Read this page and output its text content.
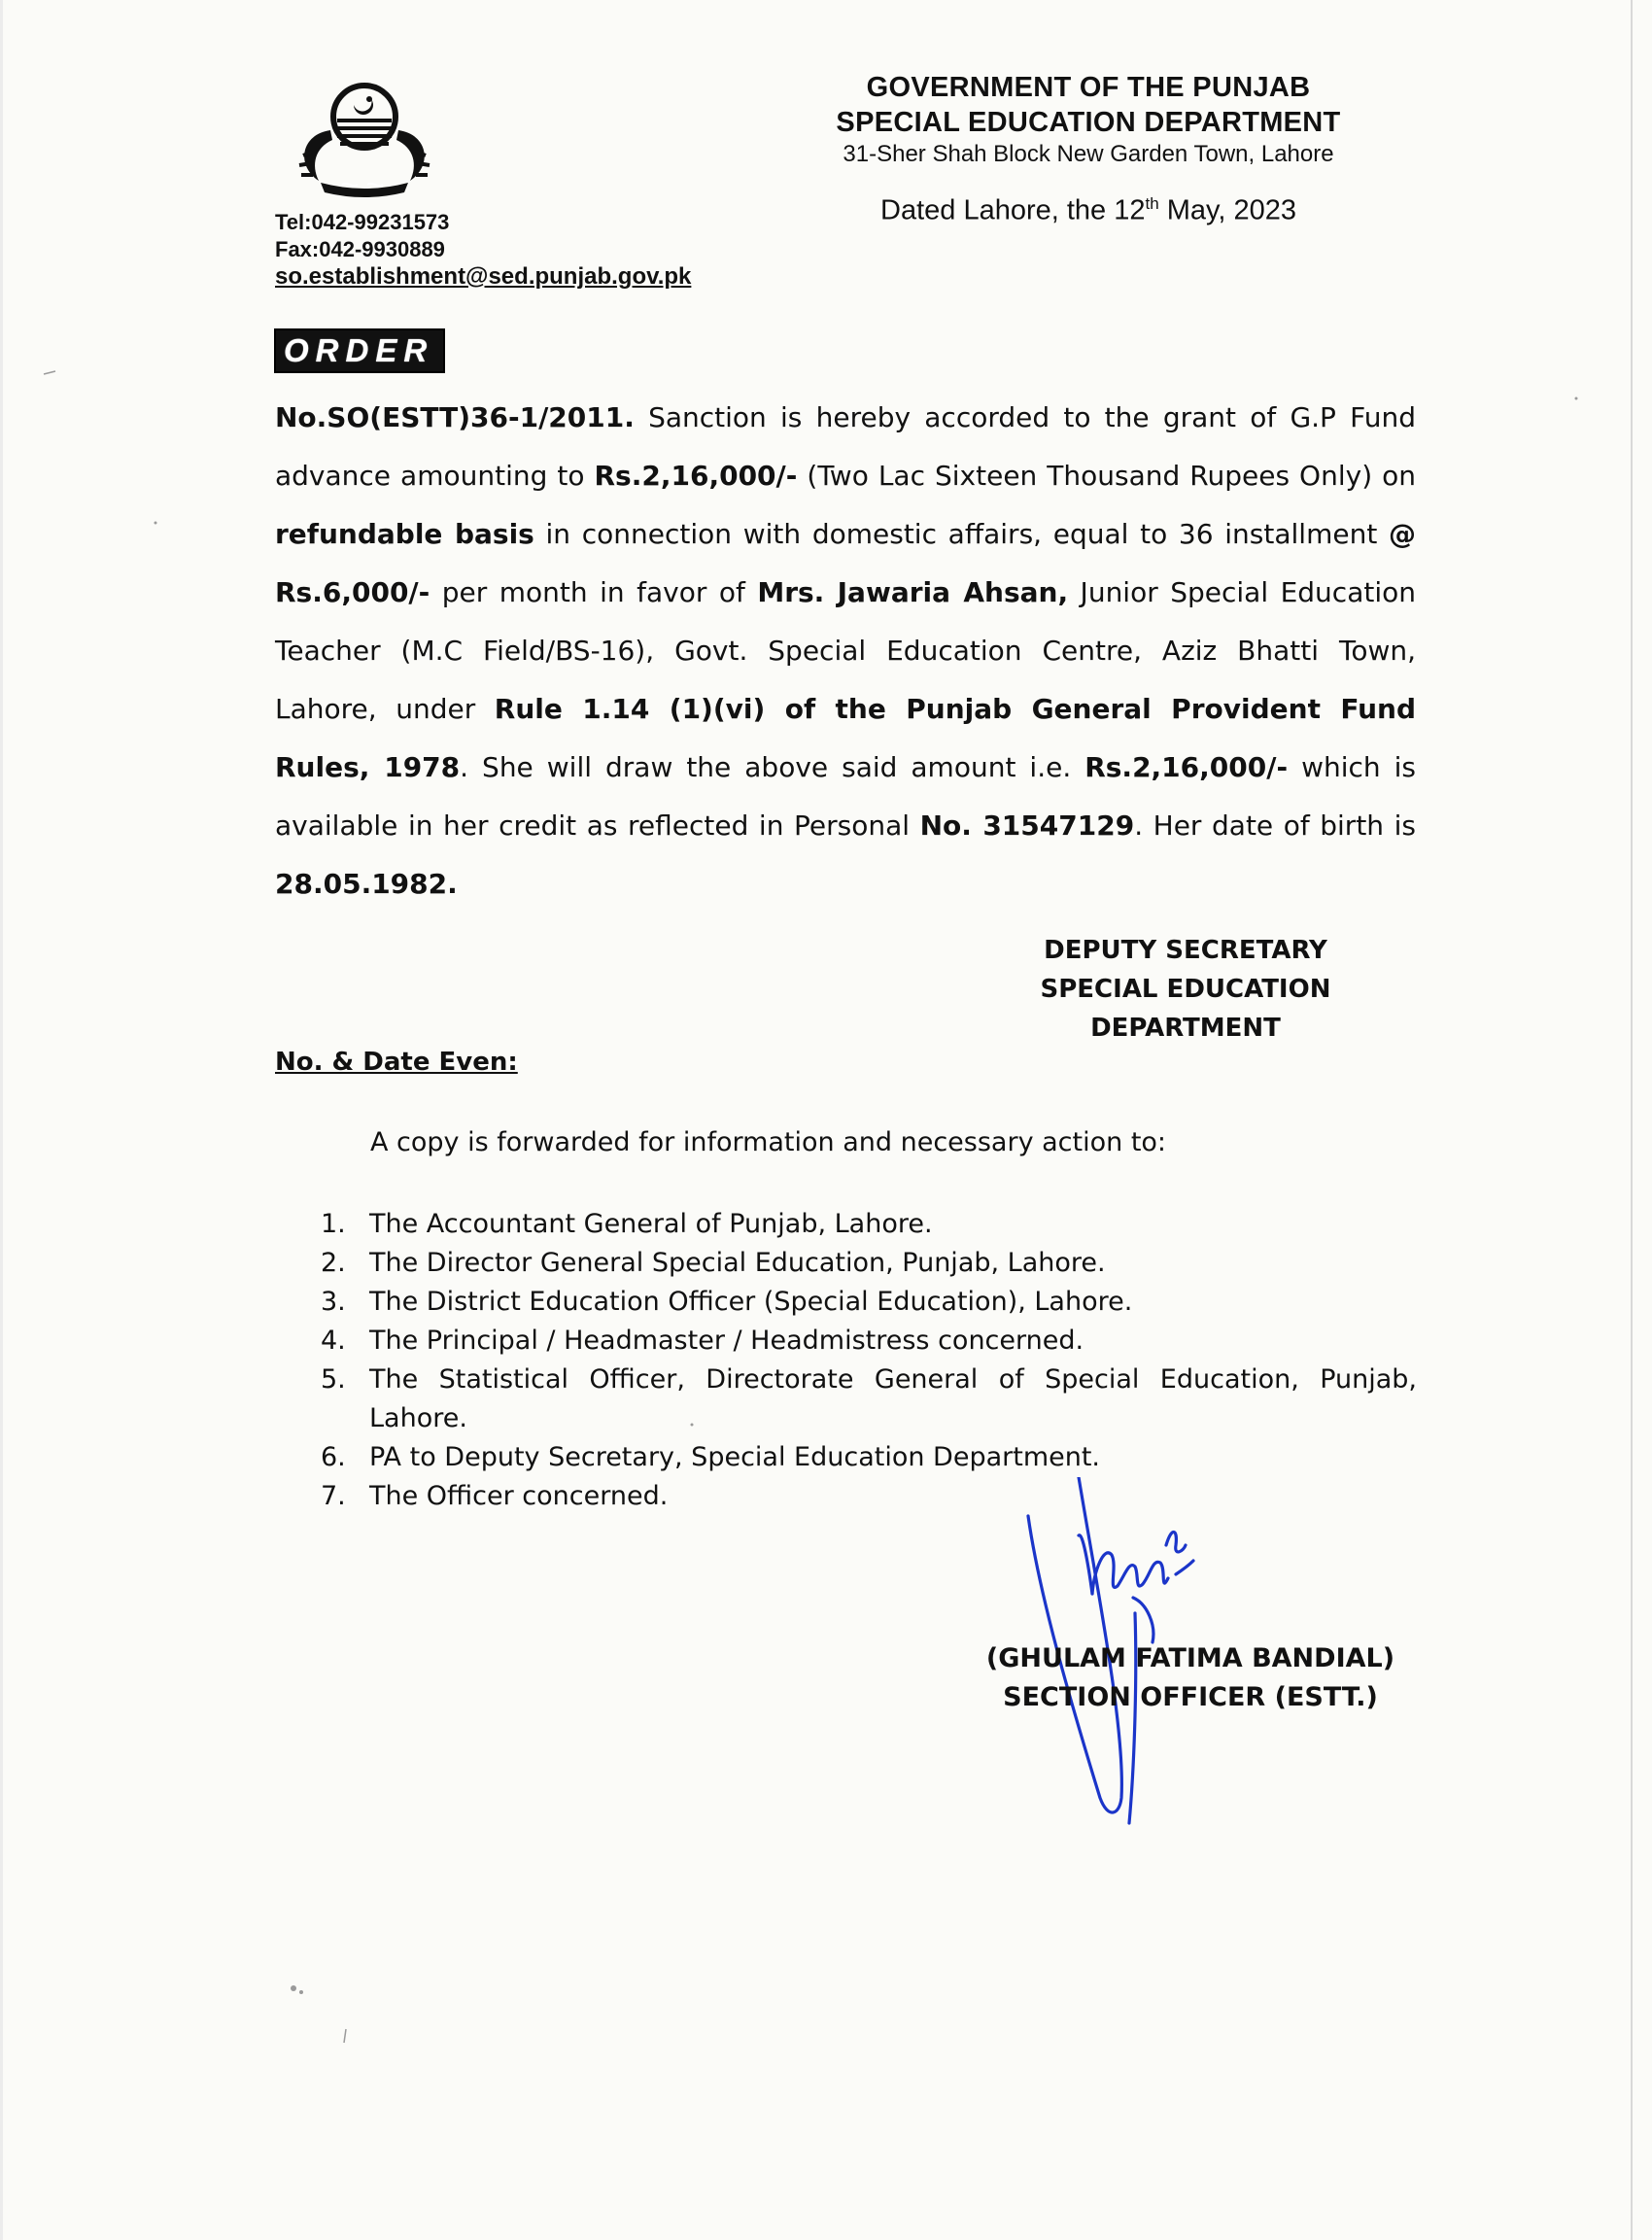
Tel:042-99231573
Fax:042-9930889
so.establishment@sed.punjab.gov.pk
GOVERNMENT OF THE PUNJAB
SPECIAL EDUCATION DEPARTMENT
31-Sher Shah Block New Garden Town, Lahore
Dated Lahore, the 12th May, 2023
ORDER
No.SO(ESTT)36-1/2011. Sanction is hereby accorded to the grant of G.P Fund advance amounting to Rs.2,16,000/- (Two Lac Sixteen Thousand Rupees Only) on refundable basis in connection with domestic affairs, equal to 36 installment @ Rs.6,000/- per month in favor of Mrs. Jawaria Ahsan, Junior Special Education Teacher (M.C Field/BS-16), Govt. Special Education Centre, Aziz Bhatti Town, Lahore, under Rule 1.14 (1)(vi) of the Punjab General Provident Fund Rules, 1978. She will draw the above said amount i.e. Rs.2,16,000/- which is available in her credit as reflected in Personal No. 31547129. Her date of birth is 28.05.1982.
DEPUTY SECRETARY
SPECIAL EDUCATION
DEPARTMENT
No. & Date Even:
A copy is forwarded for information and necessary action to:
1. The Accountant General of Punjab, Lahore.
2. The Director General Special Education, Punjab, Lahore.
3. The District Education Officer (Special Education), Lahore.
4. The Principal / Headmaster / Headmistress concerned.
5. The Statistical Officer, Directorate General of Special Education, Punjab, Lahore.
6. PA to Deputy Secretary, Special Education Department.
7. The Officer concerned.
(GHULAM FATIMA BANDIAL)
SECTION OFFICER (ESTT.)
